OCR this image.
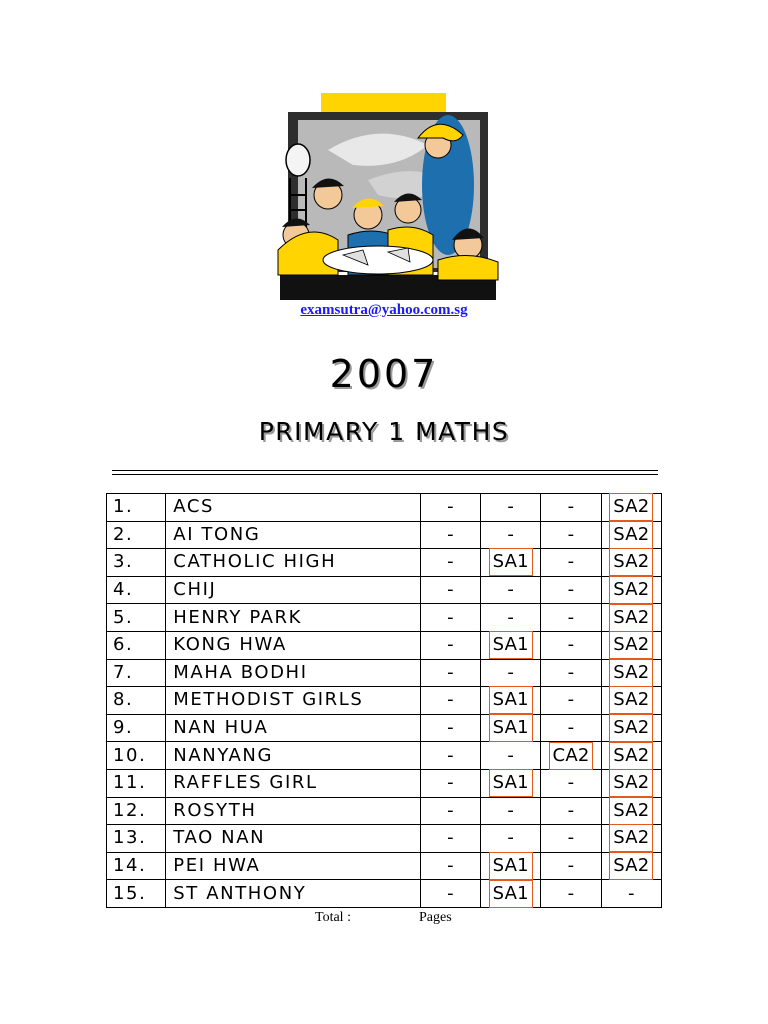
examsutra@yahoo.com.sg
2007
PRIMARY 1 MATHS
1.	ACS	-	-	-	SA2
2.	AI TONG	-	-	-	SA2
3.	CATHOLIC HIGH	-	SA1	-	SA2
4.	CHIJ	-	-	-	SA2
5.	HENRY PARK	-	-	-	SA2
6.	KONG HWA	-	SA1	-	SA2
7.	MAHA BODHI	-	-	-	SA2
8.	METHODIST GIRLS	-	SA1	-	SA2
9.	NAN HUA	-	SA1	-	SA2
10.	NANYANG	-	-	CA2	SA2
11.	RAFFLES GIRL	-	SA1	-	SA2
12.	ROSYTH	-	-	-	SA2
13.	TAO NAN	-	-	-	SA2
14.	PEI HWA	-	SA1	-	SA2
15.	ST ANTHONY	-	SA1	-	-
Total :	Pages
